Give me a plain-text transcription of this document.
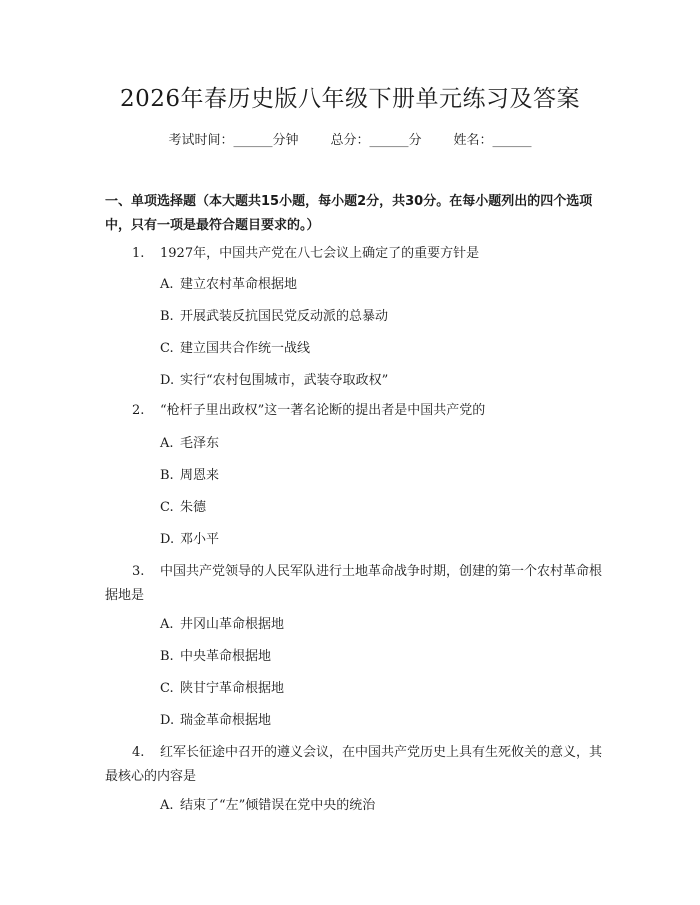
2026年春历史版八年级下册单元练习及答案
考试时间：______分钟 总分：______分 姓名：______
一、单项选择题（本大题共15小题，每小题2分，共30分。在每小题列出的四个选项中，只有一项是最符合题目要求的。）
1. 1927年，中国共产党在八七会议上确定了的重要方针是
A. 建立农村革命根据地
B. 开展武装反抗国民党反动派的总暴动
C. 建立国共合作统一战线
D. 实行“农村包围城市，武装夺取政权”
2. “枪杆子里出政权”这一著名论断的提出者是中国共产党的
A. 毛泽东
B. 周恩来
C. 朱德
D. 邓小平
3. 中国共产党领导的人民军队进行土地革命战争时期，创建的第一个农村革命根据地是
A. 井冈山革命根据地
B. 中央革命根据地
C. 陕甘宁革命根据地
D. 瑞金革命根据地
4. 红军长征途中召开的遵义会议，在中国共产党历史上具有生死攸关的意义，其最核心的内容是
A. 结束了“左”倾错误在党中央的统治
